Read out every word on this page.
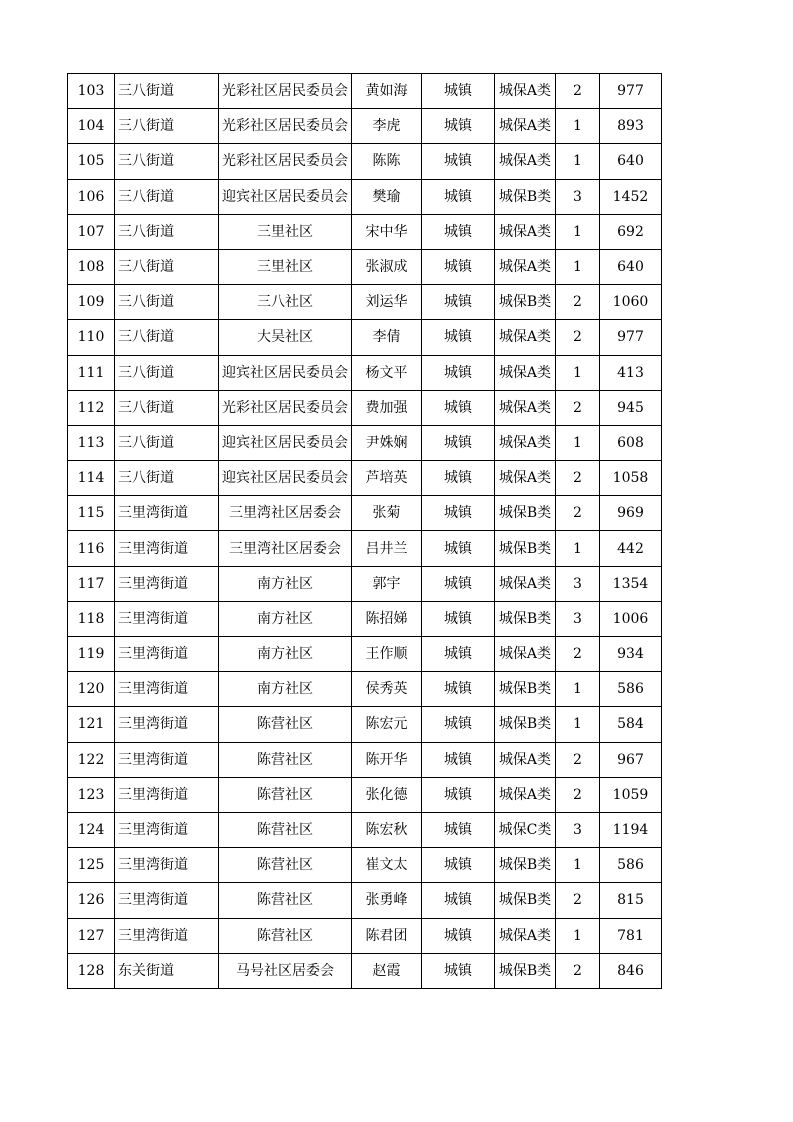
103	三八街道	光彩社区居民委员会	黄如海	城镇	城保A类	2	977
104	三八街道	光彩社区居民委员会	李虎	城镇	城保A类	1	893
105	三八街道	光彩社区居民委员会	陈陈	城镇	城保A类	1	640
106	三八街道	迎宾社区居民委员会	樊瑜	城镇	城保B类	3	1452
107	三八街道	三里社区	宋中华	城镇	城保A类	1	692
108	三八街道	三里社区	张淑成	城镇	城保A类	1	640
109	三八街道	三八社区	刘运华	城镇	城保B类	2	1060
110	三八街道	大吴社区	李倩	城镇	城保A类	2	977
111	三八街道	迎宾社区居民委员会	杨文平	城镇	城保A类	1	413
112	三八街道	光彩社区居民委员会	费加强	城镇	城保A类	2	945
113	三八街道	迎宾社区居民委员会	尹姝娴	城镇	城保A类	1	608
114	三八街道	迎宾社区居民委员会	芦培英	城镇	城保A类	2	1058
115	三里湾街道	三里湾社区居委会	张菊	城镇	城保B类	2	969
116	三里湾街道	三里湾社区居委会	吕井兰	城镇	城保B类	1	442
117	三里湾街道	南方社区	郭宇	城镇	城保A类	3	1354
118	三里湾街道	南方社区	陈招娣	城镇	城保B类	3	1006
119	三里湾街道	南方社区	王作顺	城镇	城保A类	2	934
120	三里湾街道	南方社区	侯秀英	城镇	城保B类	1	586
121	三里湾街道	陈营社区	陈宏元	城镇	城保B类	1	584
122	三里湾街道	陈营社区	陈开华	城镇	城保A类	2	967
123	三里湾街道	陈营社区	张化德	城镇	城保A类	2	1059
124	三里湾街道	陈营社区	陈宏秋	城镇	城保C类	3	1194
125	三里湾街道	陈营社区	崔文太	城镇	城保B类	1	586
126	三里湾街道	陈营社区	张勇峰	城镇	城保B类	2	815
127	三里湾街道	陈营社区	陈君团	城镇	城保A类	1	781
128	东关街道	马号社区居委会	赵霞	城镇	城保B类	2	846
